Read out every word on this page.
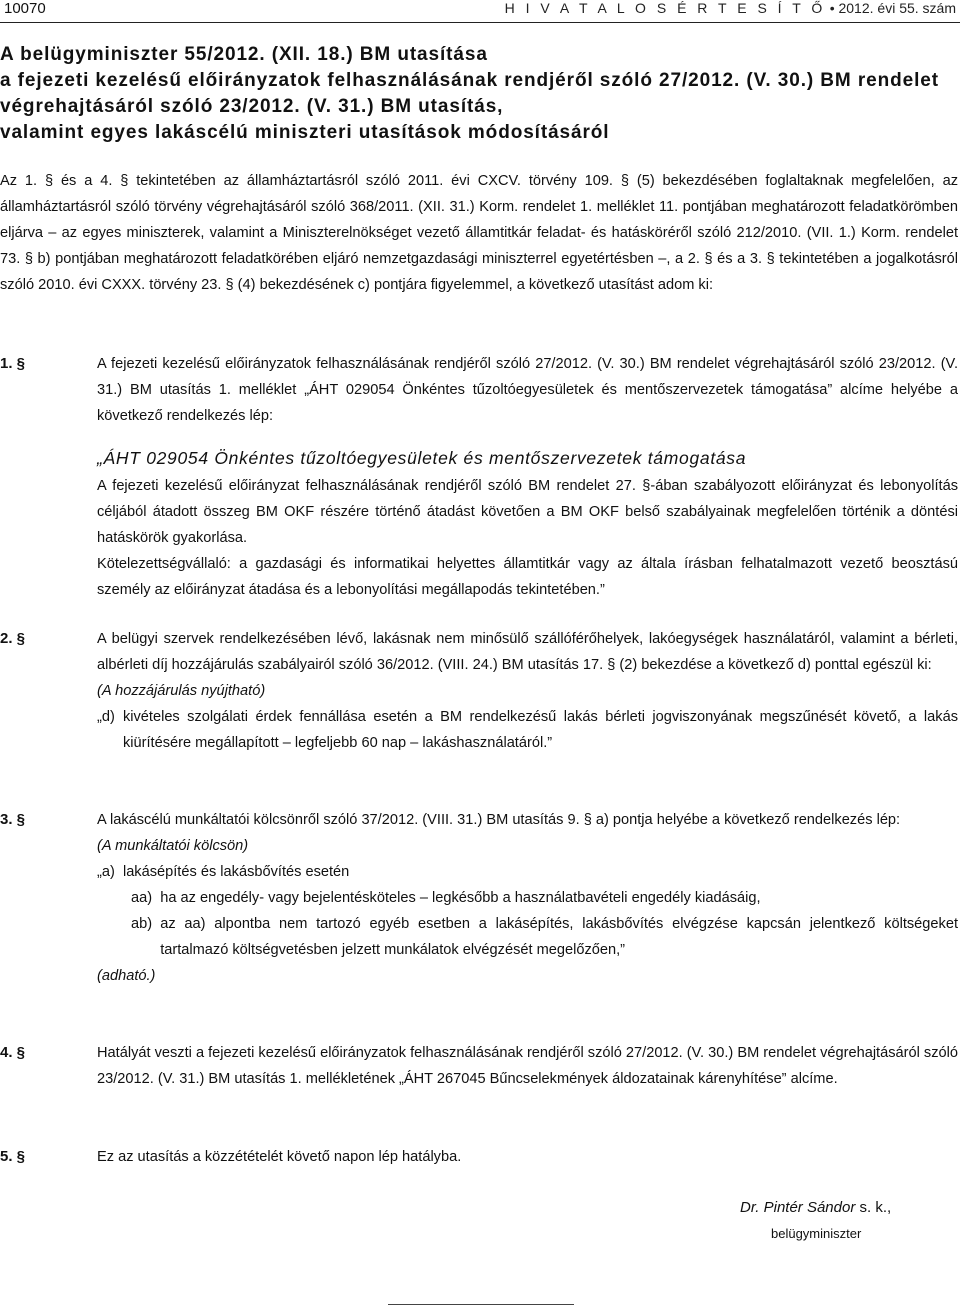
10070	H I V A T A L O S É R T E S Í T Ő • 2012. évi 55. szám
A belügyminiszter 55/2012. (XII. 18.) BM utasítása
a fejezeti kezelésű előirányzatok felhasználásának rendjéről szóló 27/2012. (V. 30.) BM rendelet
végrehajtásáról szóló 23/2012. (V. 31.) BM utasítás,
valamint egyes lakáscélú miniszteri utasítások módosításáról
Az 1. § és a 4. § tekintetében az államháztartásról szóló 2011. évi CXCV. törvény 109. § (5) bekezdésében foglaltaknak megfelelően, az államháztartásról szóló törvény végrehajtásáról szóló 368/2011. (XII. 31.) Korm. rendelet 1. melléklet 11. pontjában meghatározott feladatkörömben eljárva – az egyes miniszterek, valamint a Miniszterelnökséget vezető államtitkár feladat- és hatásköréről szóló 212/2010. (VII. 1.) Korm. rendelet 73. § b) pontjában meghatározott feladatkörében eljáró nemzetgazdasági miniszterrel egyetértésben –, a 2. § és a 3. § tekintetében a jogalkotásról szóló 2010. évi CXXX. törvény 23. § (4) bekezdésének c) pontjára figyelemmel, a következő utasítást adom ki:
1. §	A fejezeti kezelésű előirányzatok felhasználásának rendjéről szóló 27/2012. (V. 30.) BM rendelet végrehajtásáról szóló 23/2012. (V. 31.) BM utasítás 1. melléklet „ÁHT 029054 Önkéntes tűzoltóegyesületek és mentőszervezetek támogatása” alcíme helyébe a következő rendelkezés lép:

„ÁHT 029054 Önkéntes tűzoltóegyesületek és mentőszervezetek támogatása

A fejezeti kezelésű előirányzat felhasználásának rendjéről szóló BM rendelet 27. §-ában szabályozott előirányzat és lebonyolítás céljából átadott összeg BM OKF részére történő átadást követően a BM OKF belső szabályainak megfelelően történik a döntési hatáskörök gyakorlása.

Kötelezettségvállaló: a gazdasági és informatikai helyettes államtitkár vagy az általa írásban felhatalmazott vezető beosztású személy az előirányzat átadása és a lebonyolítási megállapodás tekintetében.”

2. §	A belügyi szervek rendelkezésében lévő, lakásnak nem minősülő szállóférőhelyek, lakóegységek használatáról, valamint a bérleti, albérleti díj hozzájárulás szabályairól szóló 36/2012. (VIII. 24.) BM utasítás 17. § (2) bekezdése a következő d) ponttal egészül ki:

(A hozzájárulás nyújtható)

„d) kivételes szolgálati érdek fennállása esetén a BM rendelkezésű lakás bérleti jogviszonyának megszűnését követő, a lakás kiürítésére megállapított – legfeljebb 60 nap – lakáshasználatáról.”
3. §	A lakáscélú munkáltatói kölcsönről szóló 37/2012. (VIII. 31.) BM utasítás 9. § a) pontja helyébe a következő rendelkezés lép:

(A munkáltatói kölcsön)

„a) lakásépítés és lakásbővítés esetén
aa) ha az engedély- vagy bejelentésköteles – legkésőbb a használatbavételi engedély kiadásáig,
ab) az aa) alpontba nem tartozó egyéb esetben a lakásépítés, lakásbővítés elvégzése kapcsán jelentkező költségeket tartalmazó költségvetésben jelzett munkálatok elvégzését megelőzően,”

(adható.)

4. §	Hatályát veszti a fejezeti kezelésű előirányzatok felhasználásának rendjéről szóló 27/2012. (V. 30.) BM rendelet végrehajtásáról szóló 23/2012. (V. 31.) BM utasítás 1. mellékletének „ÁHT 267045 Bűncselekmények áldozatainak kárenyhítése” alcíme.

5. §	Ez az utasítás a közzétételét követő napon lép hatályba.

Dr. Pintér Sándor s. k.,
belügyminiszter
